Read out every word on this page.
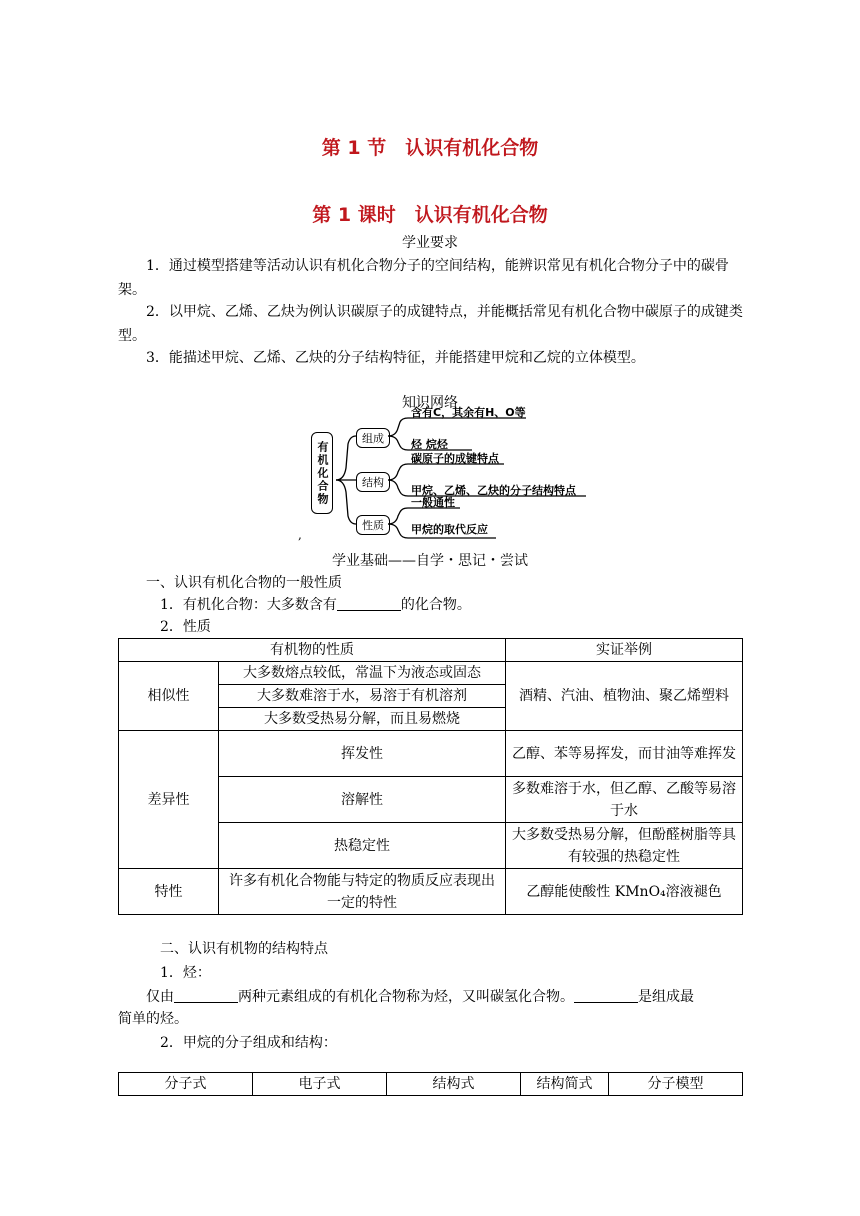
第 1 节　认识有机化合物
第 1 课时　认识有机化合物
学业要求
1．通过模型搭建等活动认识有机化合物分子的空间结构，能辨识常见有机化合物分子中的碳骨架。
2．以甲烷、乙烯、乙炔为例认识碳原子的成键特点，并能概括常见有机化合物中碳原子的成键类型。
3．能描述甲烷、乙烯、乙炔的分子结构特征，并能搭建甲烷和乙烷的立体模型。
知识网络
有机化合物
组成
结构
性质
含有C，其余有H、O等
烃 烷烃
碳原子的成键特点
甲烷、乙烯、乙炔的分子结构特点
一般通性
甲烷的取代反应
,
学业基础——自学・思记・尝试
一、认识有机化合物的一般性质
1．有机化合物：大多数含有	的化合物。
2．性质
有机物的性质		实证举例
相似性	大多数熔点较低，常温下为液态或固态	酒精、汽油、植物油、聚乙烯塑料
	大多数难溶于水，易溶于有机溶剂	
	大多数受热易分解，而且易燃烧	
差异性	挥发性	乙醇、苯等易挥发，而甘油等难挥发
	溶解性	多数难溶于水，但乙醇、乙酸等易溶于水
	热稳定性	大多数受热易分解，但酚醛树脂等具有较强的热稳定性
特性	许多有机化合物能与特定的物质反应表现出一定的特性	乙醇能使酸性 KMnO₄溶液褪色
二、认识有机物的结构特点
1．烃：
仅由	两种元素组成的有机化合物称为烃，又叫碳氢化合物。	是组成最
简单的烃。
2．甲烷的分子组成和结构：
分子式	电子式	结构式	结构简式	分子模型
